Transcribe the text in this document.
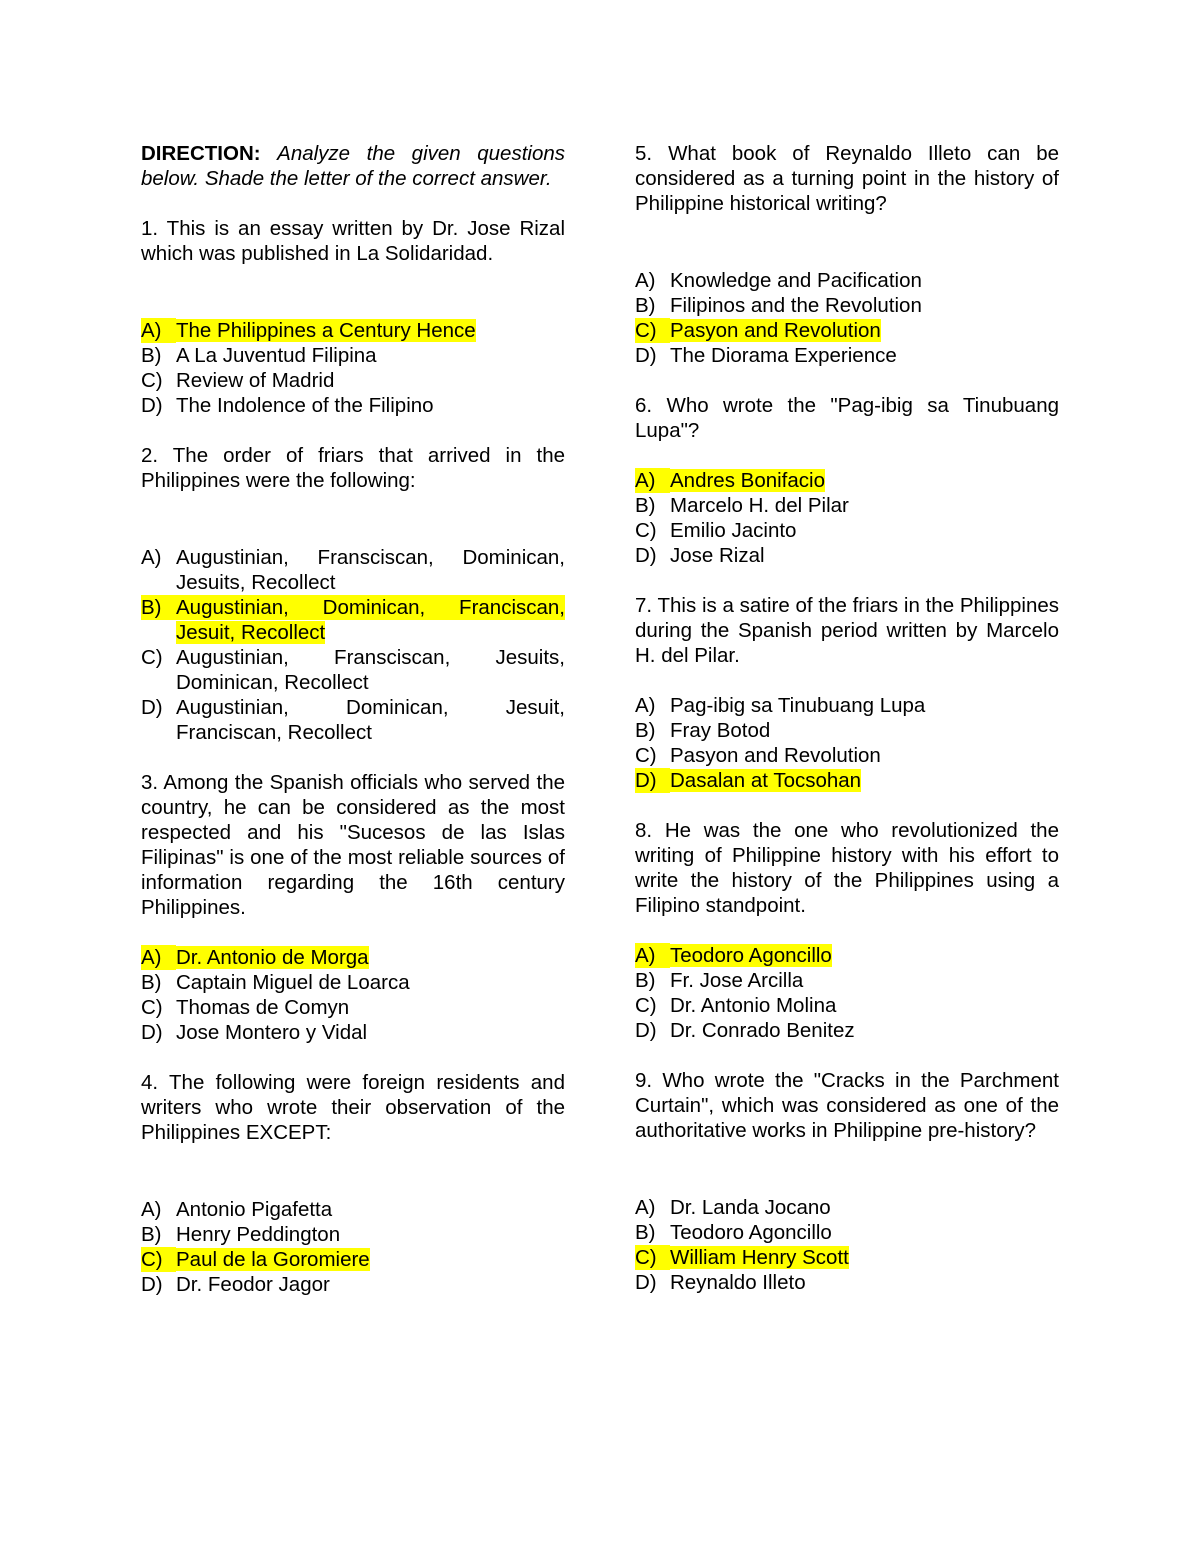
DIRECTION: Analyze the given questions below. Shade the letter of the correct answer.

1. This is an essay written by Dr. Jose Rizal which was published in La Solidaridad.

A) The Philippines a Century Hence
B) A La Juventud Filipina
C) Review of Madrid
D) The Indolence of the Filipino

2. The order of friars that arrived in the Philippines were the following:

A) Augustinian, Fransciscan, Dominican,
Jesuits, Recollect
B) Augustinian, Dominican, Franciscan,
Jesuit, Recollect
C) Augustinian, Fransciscan, Jesuits,
Dominican, Recollect
D) Augustinian, Dominican, Jesuit,
Franciscan, Recollect

3. Among the Spanish officials who served the country, he can be considered as the most respected and his "Sucesos de las Islas Filipinas" is one of the most reliable sources of information regarding the 16th century Philippines.

A) Dr. Antonio de Morga
B) Captain Miguel de Loarca
C) Thomas de Comyn
D) Jose Montero y Vidal

4. The following were foreign residents and writers who wrote their observation of the Philippines EXCEPT:

A) Antonio Pigafetta
B) Henry Peddington
C) Paul de la Goromiere
D) Dr. Feodor Jagor

5. What book of Reynaldo Illeto can be considered as a turning point in the history of Philippine historical writing?

A) Knowledge and Pacification
B) Filipinos and the Revolution
C) Pasyon and Revolution
D) The Diorama Experience

6. Who wrote the "Pag-ibig sa Tinubuang Lupa"?

A) Andres Bonifacio
B) Marcelo H. del Pilar
C) Emilio Jacinto
D) Jose Rizal

7. This is a satire of the friars in the Philippines during the Spanish period written by Marcelo H. del Pilar.

A) Pag-ibig sa Tinubuang Lupa
B) Fray Botod
C) Pasyon and Revolution
D) Dasalan at Tocsohan

8. He was the one who revolutionized the writing of Philippine history with his effort to write the history of the Philippines using a Filipino standpoint.

A) Teodoro Agoncillo
B) Fr. Jose Arcilla
C) Dr. Antonio Molina
D) Dr. Conrado Benitez

9. Who wrote the "Cracks in the Parchment Curtain", which was considered as one of the authoritative works in Philippine pre-history?

A) Dr. Landa Jocano
B) Teodoro Agoncillo
C) William Henry Scott
D) Reynaldo Illeto
